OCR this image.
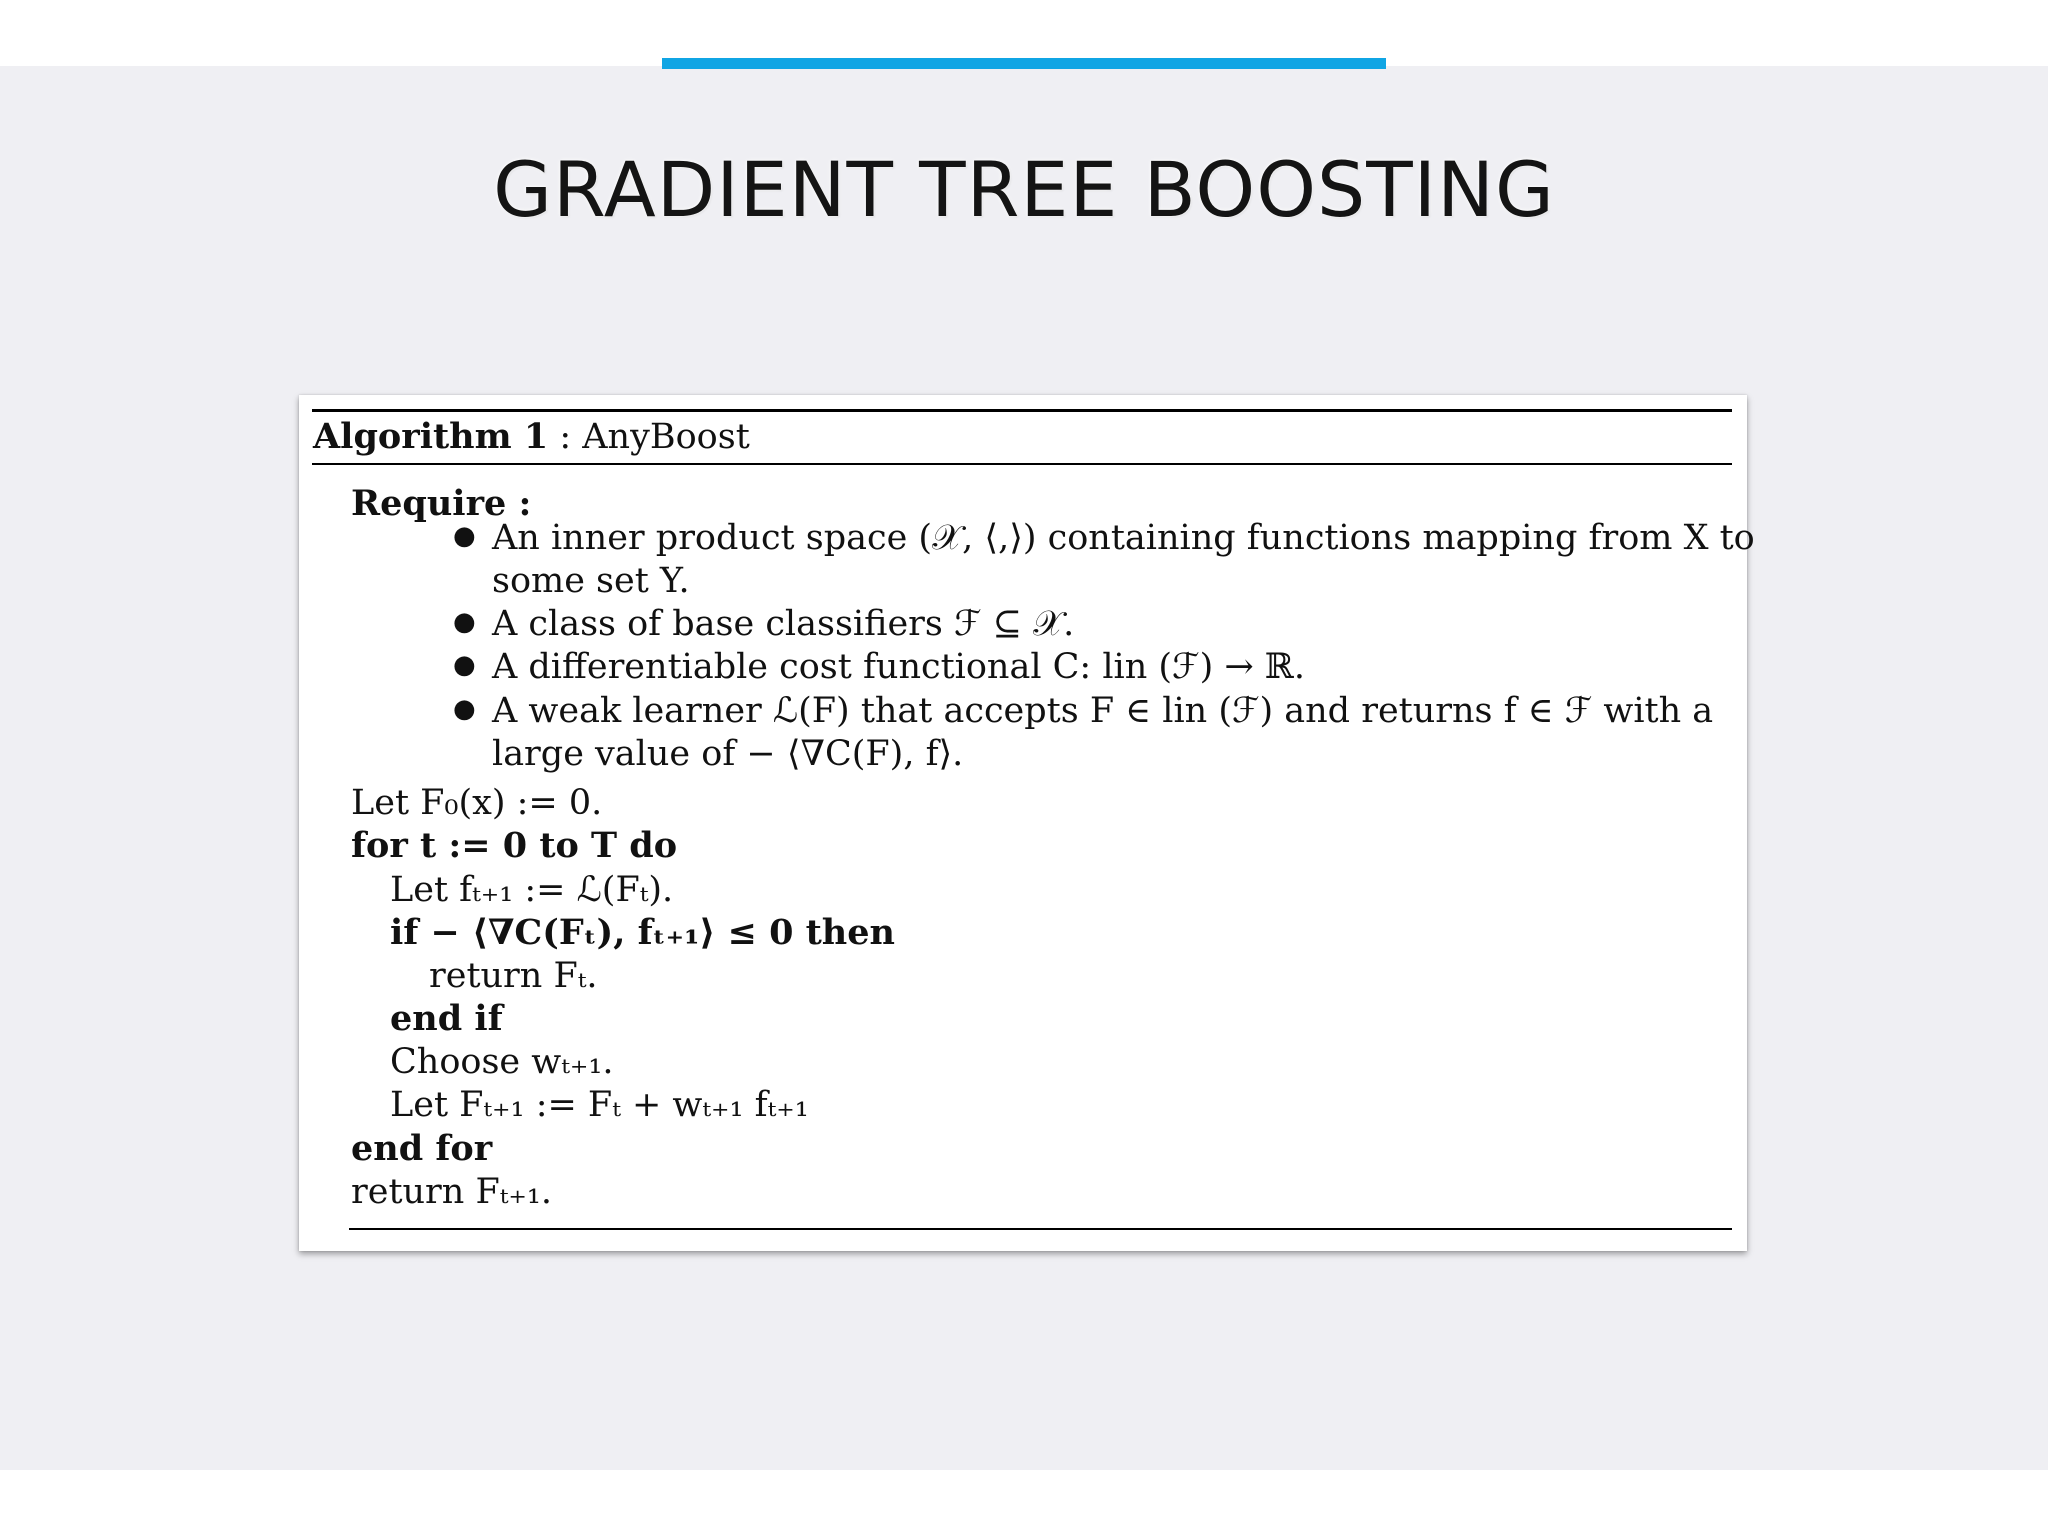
GRADIENT TREE BOOSTING
Algorithm 1 : AnyBoost
Require :
● An inner product space (𝒳, ⟨,⟩) containing functions mapping from X to
some set Y.
● A class of base classifiers ℱ ⊆ 𝒳.
● A differentiable cost functional C: lin (ℱ) → ℝ.
● A weak learner ℒ(F) that accepts F ∈ lin (ℱ) and returns f ∈ ℱ with a
large value of − ⟨∇C(F), f⟩.
Let F₀(x) := 0.
for t := 0 to T do
Let fₜ₊₁ := ℒ(Fₜ).
if − ⟨∇C(Fₜ), fₜ₊₁⟩ ≤ 0 then
return Fₜ.
end if
Choose wₜ₊₁.
Let Fₜ₊₁ := Fₜ + wₜ₊₁ fₜ₊₁
end for
return Fₜ₊₁.
